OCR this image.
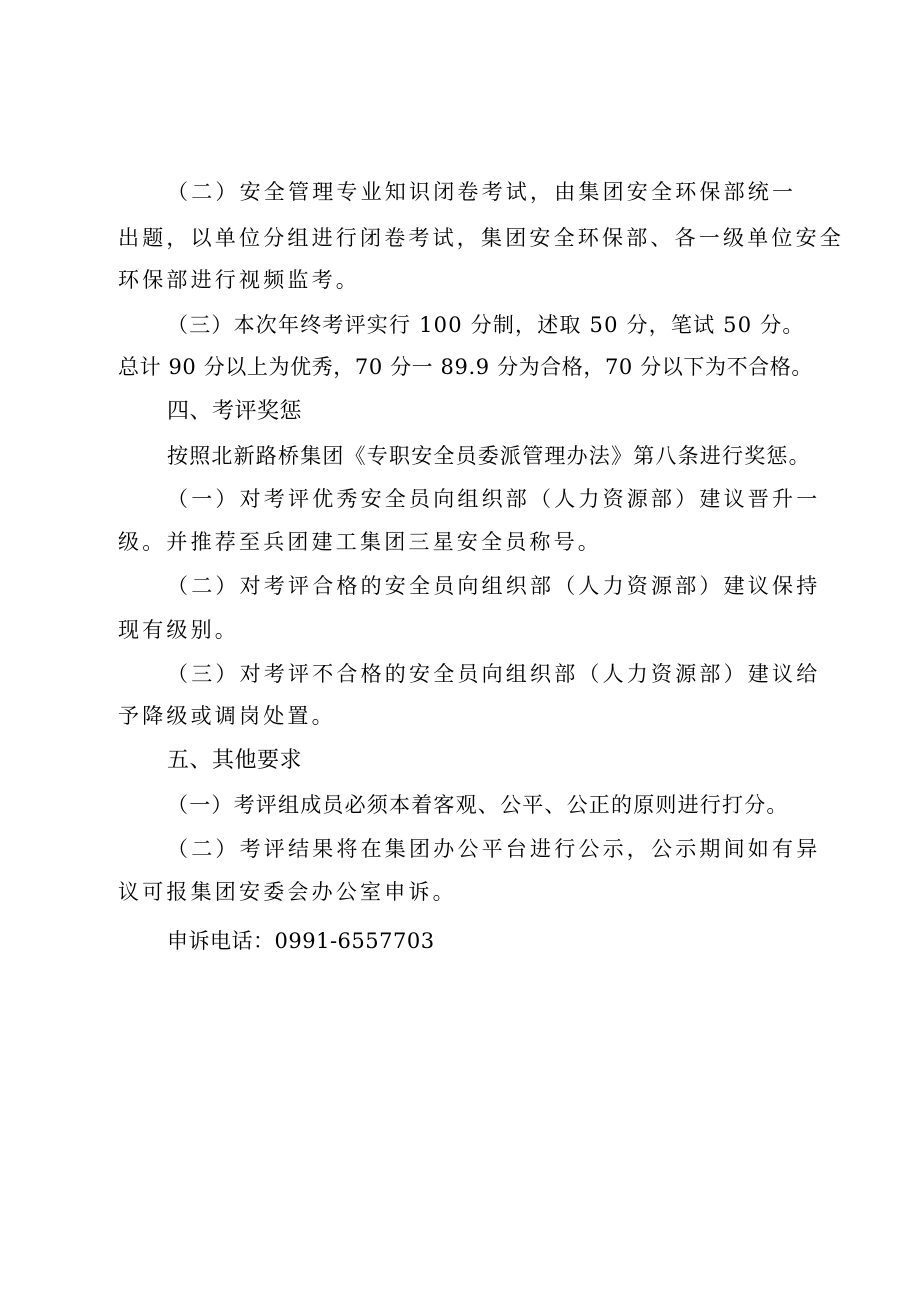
（二）安全管理专业知识闭卷考试，由集团安全环保部统一
出题，以单位分组进行闭卷考试，集团安全环保部、各一级单位安全
环保部进行视频监考。
（三）本次年终考评实行 100 分制，述取 50 分，笔试 50 分。
总计 90 分以上为优秀，70 分一 89.9 分为合格，70 分以下为不合格。
四、考评奖惩
按照北新路桥集团《专职安全员委派管理办法》第八条进行奖惩。
（一）对考评优秀安全员向组织部（人力资源部）建议晋升一
级。并推荐至兵团建工集团三星安全员称号。
（二）对考评合格的安全员向组织部（人力资源部）建议保持
现有级别。
（三）对考评不合格的安全员向组织部（人力资源部）建议给
予降级或调岗处置。
五、其他要求
（一）考评组成员必须本着客观、公平、公正的原则进行打分。
（二）考评结果将在集团办公平台进行公示，公示期间如有异
议可报集团安委会办公室申诉。
申诉电话：0991-6557703
